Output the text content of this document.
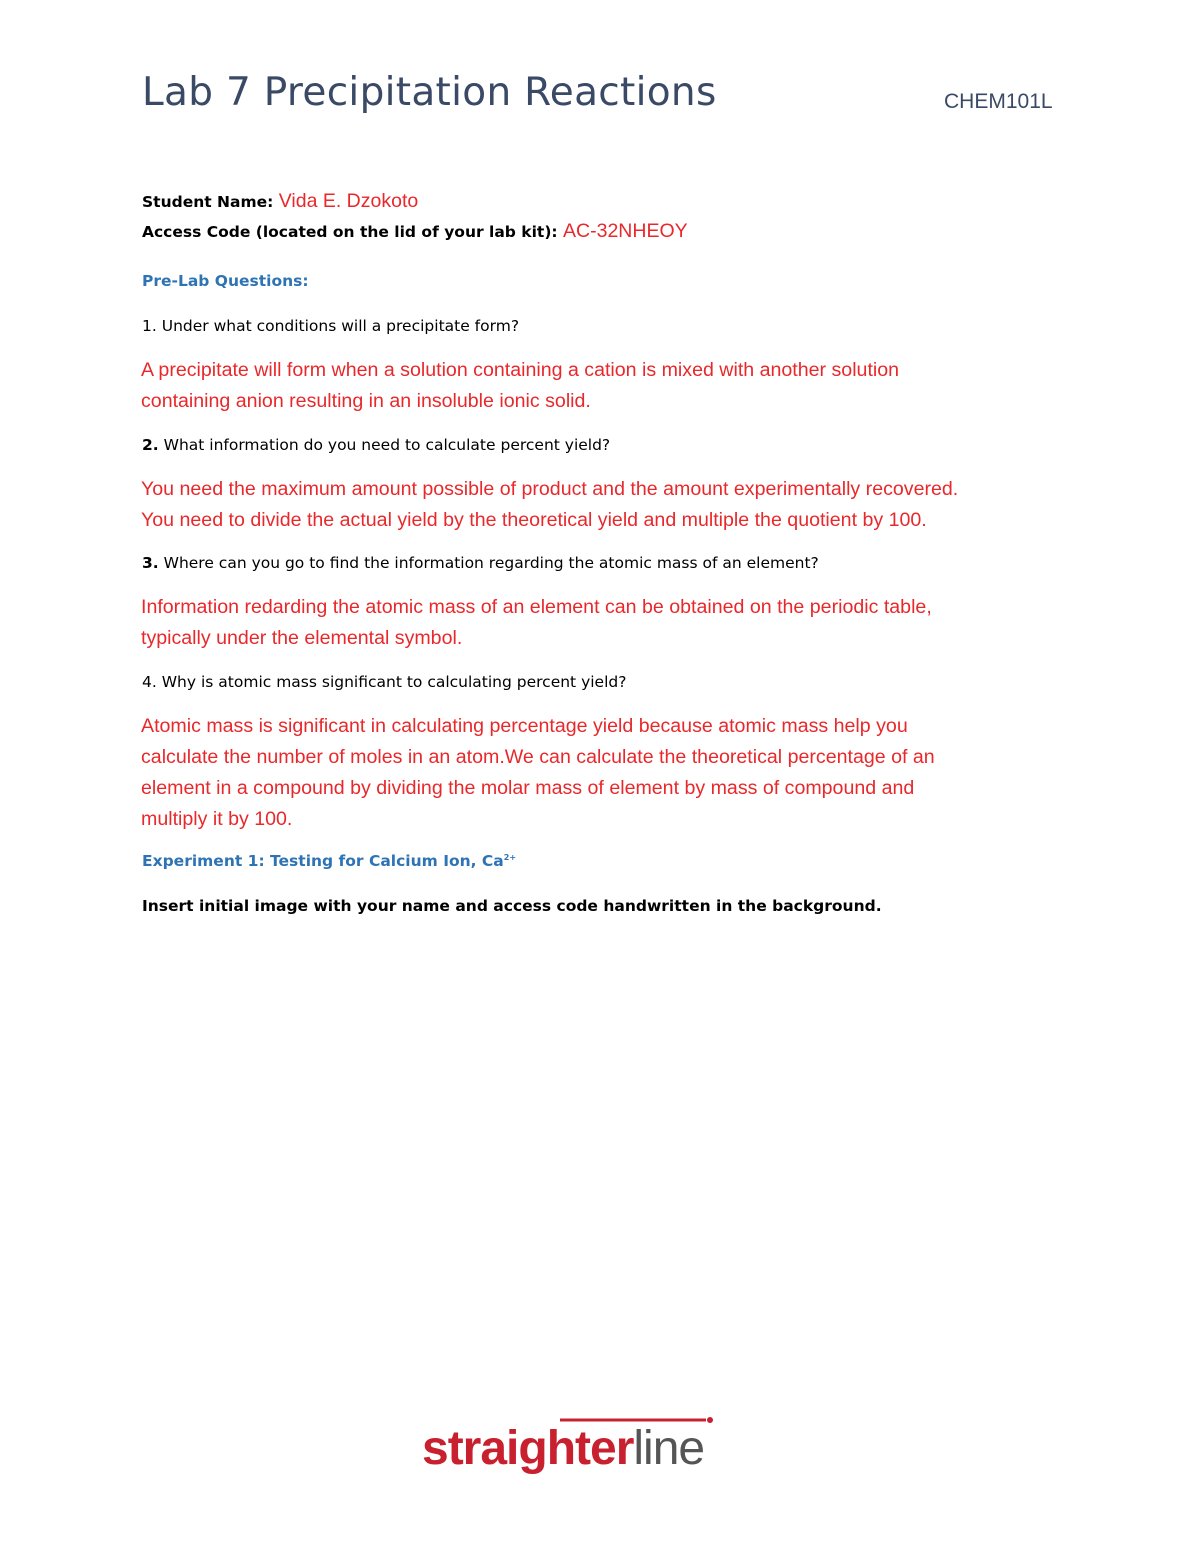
Lab 7 Precipitation Reactions	CHEM101L
Student Name: Vida E. Dzokoto
Access Code (located on the lid of your lab kit): AC-32NHEOY
Pre-Lab Questions:
1. Under what conditions will a precipitate form?

A precipitate will form when a solution containing a cation is mixed with another solution

containing anion resulting in an insoluble ionic solid.

2. What information do you need to calculate percent yield?

You need the maximum amount possible of product and the amount experimentally recovered.

You need to divide the actual yield by the theoretical yield and multiple the quotient by 100.

3. Where can you go to find the information regarding the atomic mass of an element?

Information redarding the atomic mass of an element can be obtained on the periodic table,

typically under the elemental symbol.

4. Why is atomic mass significant to calculating percent yield?

Atomic mass is significant in calculating percentage yield because atomic mass help you

calculate the number of moles in an atom.We can calculate the theoretical percentage of an

element in a compound by dividing the molar mass of element by mass of compound and

multiply it by 100.

Experiment 1: Testing for Calcium Ion, $Ca^{2+}$
Insert initial image with your name and access code handwritten in the background.
straighterline
